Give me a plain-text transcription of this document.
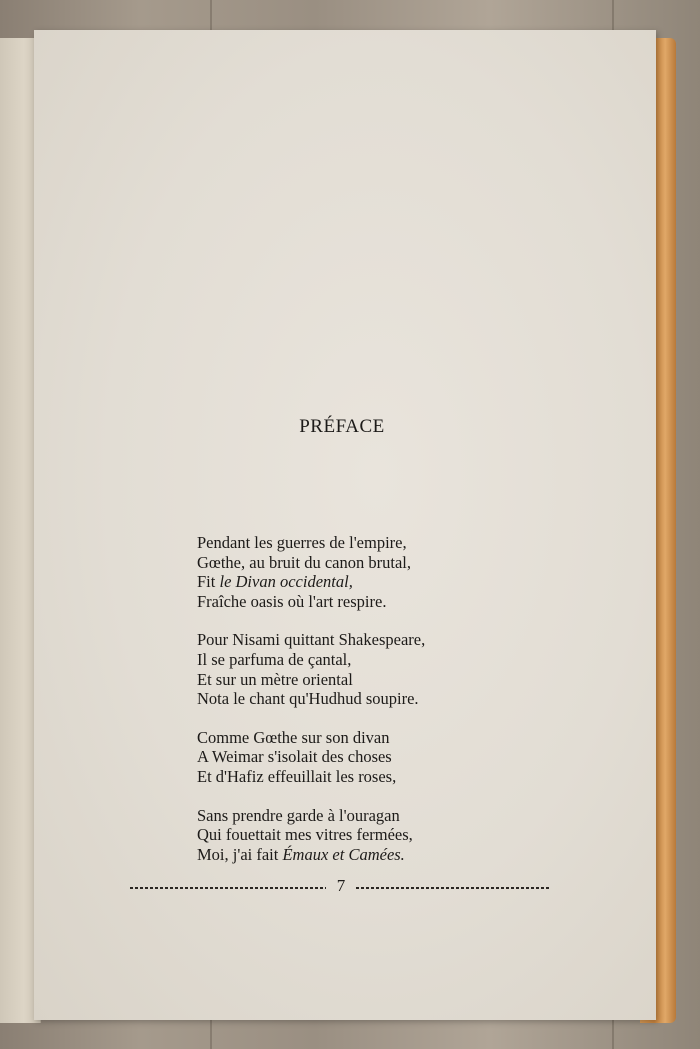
PRÉFACE
Pendant les guerres de l'empire,
Gœthe, au bruit du canon brutal,
Fit le Divan occidental,
Fraîche oasis où l'art respire.
Pour Nisami quittant Shakespeare,
Il se parfuma de çantal,
Et sur un mètre oriental
Nota le chant qu'Hudhud soupire.
Comme Gœthe sur son divan
A Weimar s'isolait des choses
Et d'Hafiz effeuillait les roses,
Sans prendre garde à l'ouragan
Qui fouettait mes vitres fermées,
Moi, j'ai fait Émaux et Camées.
7
